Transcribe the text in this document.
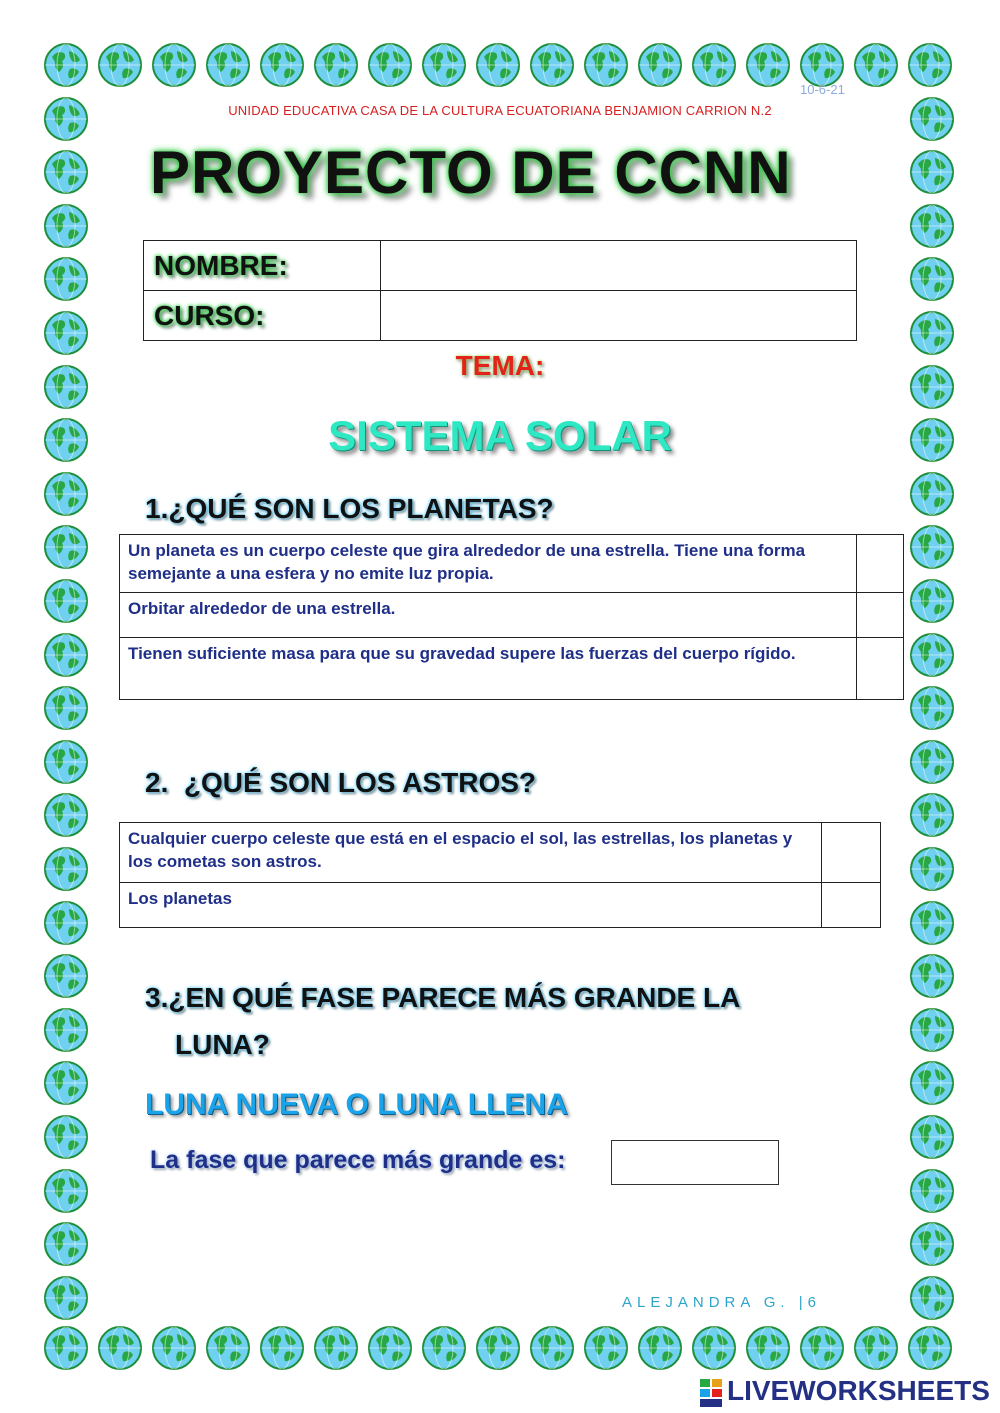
10-6-21
UNIDAD EDUCATIVA CASA DE LA CULTURA ECUATORIANA BENJAMION CARRION N.2
PROYECTO DE CCNN
NOMBRE:	
CURSO:	
TEMA:
SISTEMA SOLAR
1.¿QUÉ SON LOS PLANETAS?
Un planeta es un cuerpo celeste que gira alrededor de una estrella. Tiene una forma semejante a una esfera y no emite luz propia.	
Orbitar alrededor de una estrella.	
Tienen suficiente masa para que su gravedad supere las fuerzas del cuerpo rígido.	
2.  ¿QUÉ SON LOS ASTROS?
Cualquier cuerpo celeste que está en el espacio el sol, las estrellas, los planetas y los cometas son astros.	
Los planetas	
3.¿EN QUÉ FASE PARECE MÁS GRANDE LA
LUNA?
LUNA NUEVA O LUNA LLENA
La fase que parece más grande es:
ALEJANDRA G. |6
LIVEWORKSHEETS
